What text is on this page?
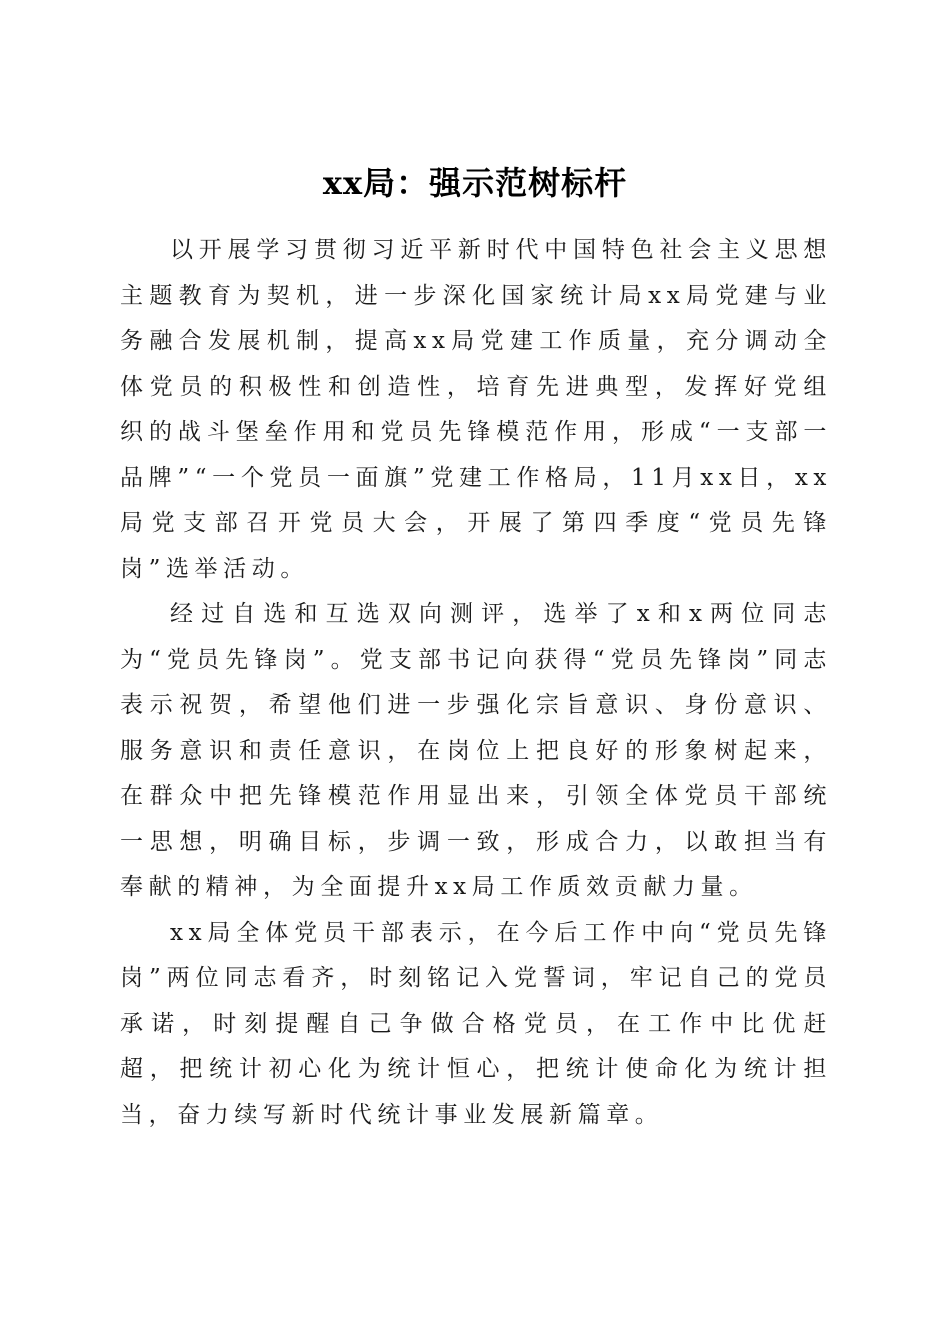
xx局：强示范树标杆

以开展学习贯彻习近平新时代中国特色社会主义思想主题教育为契机，进一步深化国家统计局xx局党建与业务融合发展机制，提高xx局党建工作质量，充分调动全体党员的积极性和创造性，培育先进典型，发挥好党组织的战斗堡垒作用和党员先锋模范作用，形成“一支部一品牌”“一个党员一面旗”党建工作格局，11月xx日，xx局党支部召开党员大会，开展了第四季度“党员先锋岗”选举活动。

经过自选和互选双向测评，选举了x和x两位同志为“党员先锋岗”。党支部书记向获得“党员先锋岗”同志表示祝贺，希望他们进一步强化宗旨意识、身份意识、服务意识和责任意识，在岗位上把良好的形象树起来，在群众中把先锋模范作用显出来，引领全体党员干部统一思想，明确目标，步调一致，形成合力，以敢担当有奉献的精神，为全面提升xx局工作质效贡献力量。

xx局全体党员干部表示，在今后工作中向“党员先锋岗”两位同志看齐，时刻铭记入党誓词，牢记自己的党员承诺，时刻提醒自己争做合格党员，在工作中比优赶超，把统计初心化为统计恒心，把统计使命化为统计担当，奋力续写新时代统计事业发展新篇章。
